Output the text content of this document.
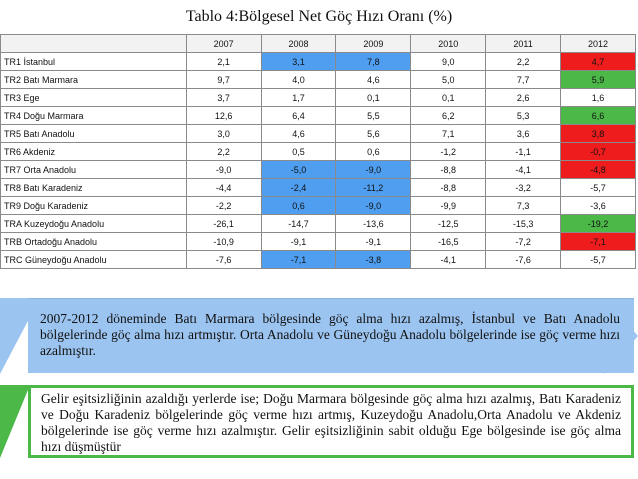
Tablo 4:Bölgesel Net Göç Hızı Oranı (%)
	2007	2008	2009	2010	2011	2012
TR1 İstanbul	2,1	3,1	7,8	9,0	2,2	4,7
TR2 Batı Marmara	9,7	4,0	4,6	5,0	7,7	5,9
TR3 Ege	3,7	1,7	0,1	0,1	2,6	1,6
TR4 Doğu Marmara	12,6	6,4	5,5	6,2	5,3	6,6
TR5 Batı Anadolu	3,0	4,6	5,6	7,1	3,6	3,8
TR6 Akdeniz	2,2	0,5	0,6	-1,2	-1,1	-0,7
TR7 Orta Anadolu	-9,0	-5,0	-9,0	-8,8	-4,1	-4,8
TR8 Batı Karadeniz	-4,4	-2,4	-11,2	-8,8	-3,2	-5,7
TR9 Doğu Karadeniz	-2,2	0,6	-9,0	-9,9	7,3	-3,6
TRA Kuzeydoğu Anadolu	-26,1	-14,7	-13,6	-12,5	-15,3	-19,2
TRB Ortadoğu Anadolu	-10,9	-9,1	-9,1	-16,5	-7,2	-7,1
TRC Güneydoğu Anadolu	-7,6	-7,1	-3,8	-4,1	-7,6	-5,7
2007-2012 döneminde Batı Marmara bölgesinde göç alma hızı azalmış, İstanbul ve Batı Anadolu bölgelerinde göç alma hızı artmıştır. Orta Anadolu ve Güneydoğu Anadolu bölgelerinde ise göç verme hızı azalmıştır.
Gelir eşitsizliğinin azaldığı yerlerde ise; Doğu Marmara bölgesinde göç alma hızı azalmış, Batı Karadeniz ve Doğu Karadeniz bölgelerinde göç verme hızı artmış, Kuzeydoğu Anadolu,Orta Anadolu ve Akdeniz bölgelerinde ise göç verme hızı azalmıştır. Gelir eşitsizliğinin sabit olduğu Ege bölgesinde ise göç alma hızı düşmüştür
